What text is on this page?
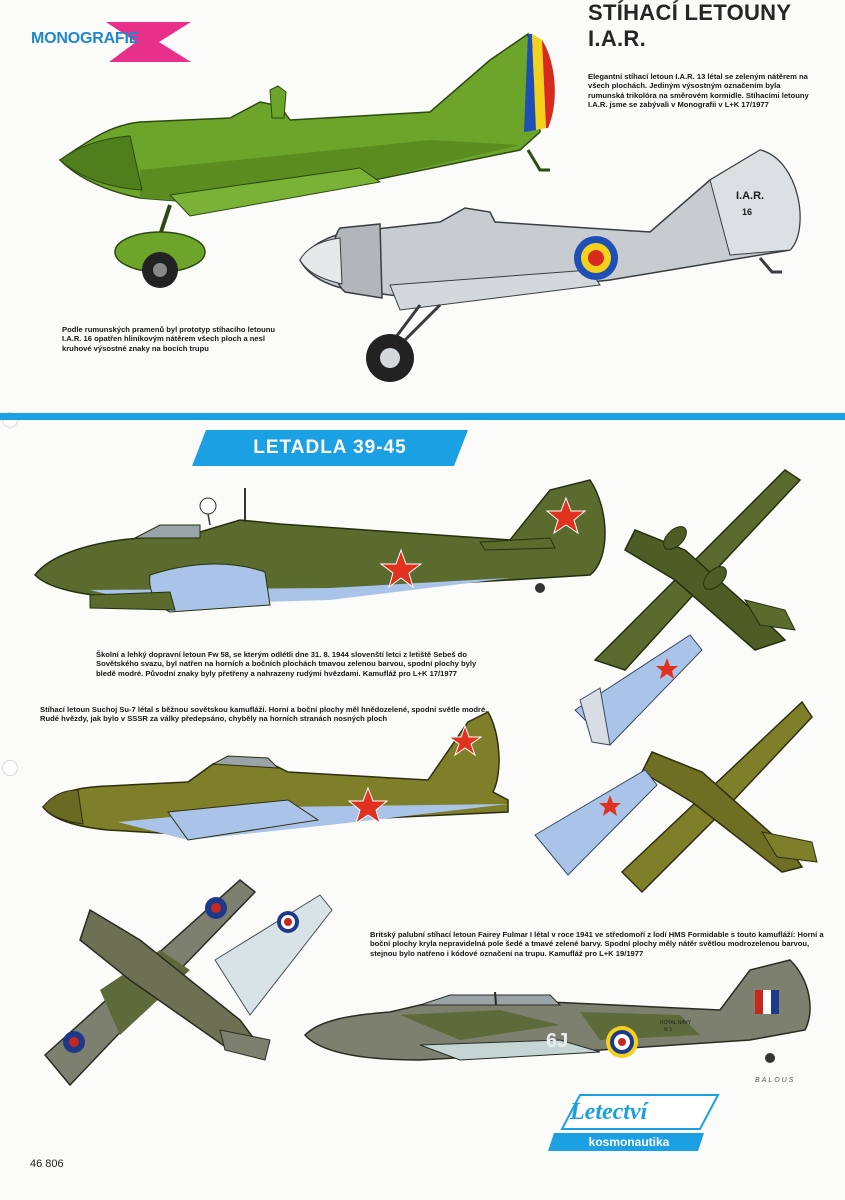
MONOGRAFIE
STÍHACÍ LETOUNY
I.A.R.
Elegantní stíhací letoun I.A.R. 13 létal se zeleným nátěrem na všech plochách. Jediným výsostným označením byla rumunská trikolóra na směrovém kormidle. Stíhacími letouny I.A.R. jsme se zabývali v Monografii v L+K 17/1977
I.A.R.
16
Podle rumunských pramenů byl prototyp stíhacího letounu I.A.R. 16 opatřen hliníkovým nátěrem všech ploch a nesl kruhové výsostné znaky na bocích trupu
LETADLA 39-45
Školní a lehký dopravní letoun Fw 58, se kterým odlétli dne 31. 8. 1944 slovenští letci z letiště Sebeš do Sovětského svazu, byl natřen na horních a bočních plochách tmavou zelenou barvou, spodní plochy byly bledě modré. Původní znaky byly přetřeny a nahrazeny rudými hvězdami. Kamufláž pro L+K 17/1977
Stíhací letoun Suchoj Su-7 létal s běžnou sovětskou kamufláží. Horní a boční plochy měl hnědozelené, spodní světle modré. Rudé hvězdy, jak bylo v SSSR za války předepsáno, chyběly na horních stranách nosných ploch
Britský palubní stíhací letoun Fairey Fulmar I létal v roce 1941 ve středomoří z lodí HMS Formidable s touto kamufláží: Horní a boční plochy kryla nepravidelná pole šedé a tmavé zelené barvy. Spodní plochy měly nátěr světlou modrozelenou barvou, stejnou bylo natřeno i kódové označení na trupu. Kamufláž pro L+K 19/1977
6J
ROYAL NAVY
N 3
BALOUS
Letectví
kosmonautika
46 806
